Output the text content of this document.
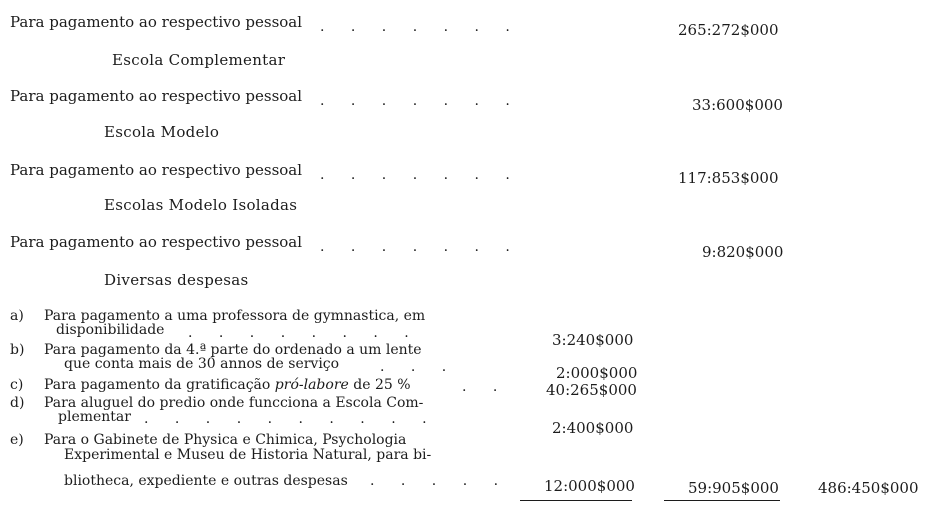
Para pagamento ao respectivo pessoal . . . . . . .	265:272$000
Escola Complementar
Para pagamento ao respectivo pessoal . . . . . . .	33:600$000
Escola Modelo
Para pagamento ao respectivo pessoal . . . . . . .	117:853$000
Escolas Modelo Isoladas
Para pagamento ao respectivo pessoal . . . . . . .	9:820$000
Diversas despesas
a) Para pagamento a uma professora de gymnastica, em
disponibilidade . . . . . . . .	3:240$000
b) Para pagamento da 4.ª parte do ordenado a um lente
que conta mais de 30 annos de serviço	. . .	2:000$000
c) Para pagamento da gratificação pró-labore de 25 %	. .	40:265$000
d) Para aluguel do predio onde funcciona a Escola Com-
plementar . . . . . . . . . .	2:400$000
e) Para o Gabinete de Physica e Chimica, Psychologia
Experimental e Museu de Historia Natural, para bi-
bliotheca, expediente e outras despesas . . . . . 12:000$000	59:905$000	486:450$000
